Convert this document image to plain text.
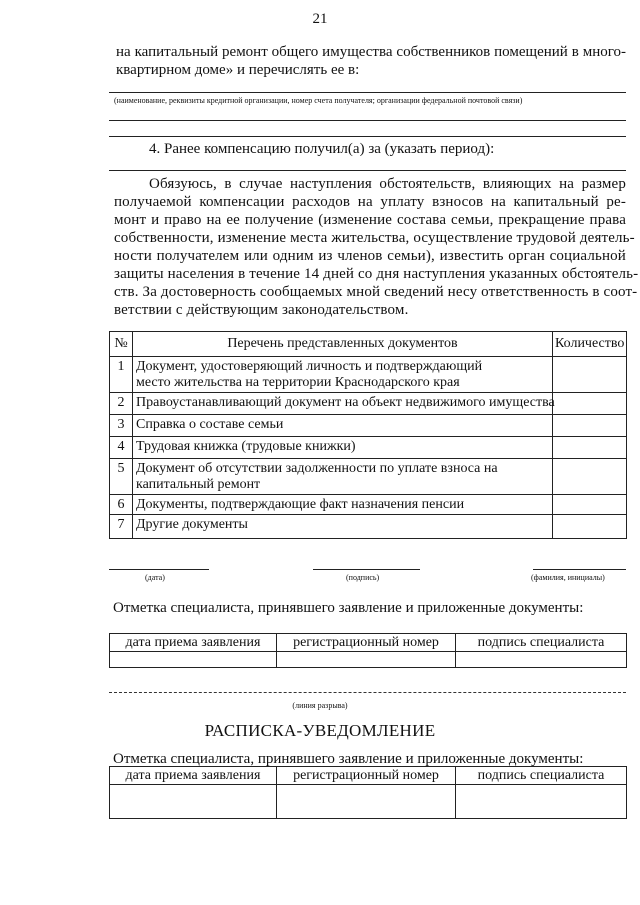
21
на капитальный ремонт общего имущества собственников помещений в много-
квартирном доме» и перечислять ее в:
(наименование, реквизиты кредитной организации, номер счета получателя; организации федеральной почтовой связи)
4. Ранее компенсацию получил(а) за (указать период):
Обязуюсь, в случае наступления обстоятельств, влияющих на размер
получаемой компенсации расходов на уплату взносов на капитальный ре-
монт и право на ее получение (изменение состава семьи, прекращение права
собственности, изменение места жительства, осуществление трудовой деятель-
ности получателем или одним из членов семьи), известить орган социальной
защиты населения в течение 14 дней со дня наступления указанных обстоятель-
ств. За достоверность сообщаемых мной сведений несу ответственность в соот-
ветствии с действующим законодательством.
№	Перечень представленных документов	Количество
1	Документ, удостоверяющий личность и подтверждающий
место жительства на территории Краснодарского края	

2	Правоустанавливающий документ на объект недвижимого имущества	

3	Справка о составе семьи	

4	Трудовая книжка (трудовые книжки)	

5	Документ об отсутствии задолженности по уплате взноса на
капитальный ремонт	

6	Документы, подтверждающие факт назначения пенсии	

7	Другие документы	

(дата)	(подпись)	(фамилия, инициалы)
Отметка специалиста, принявшего заявление и приложенные документы:
дата приема заявления	регистрационный номер	подпись специалиста

(линия разрыва)
РАСПИСКА-УВЕДОМЛЕНИЕ
Отметка специалиста, принявшего заявление и приложенные документы:
дата приема заявления	регистрационный номер	подпись специалиста
